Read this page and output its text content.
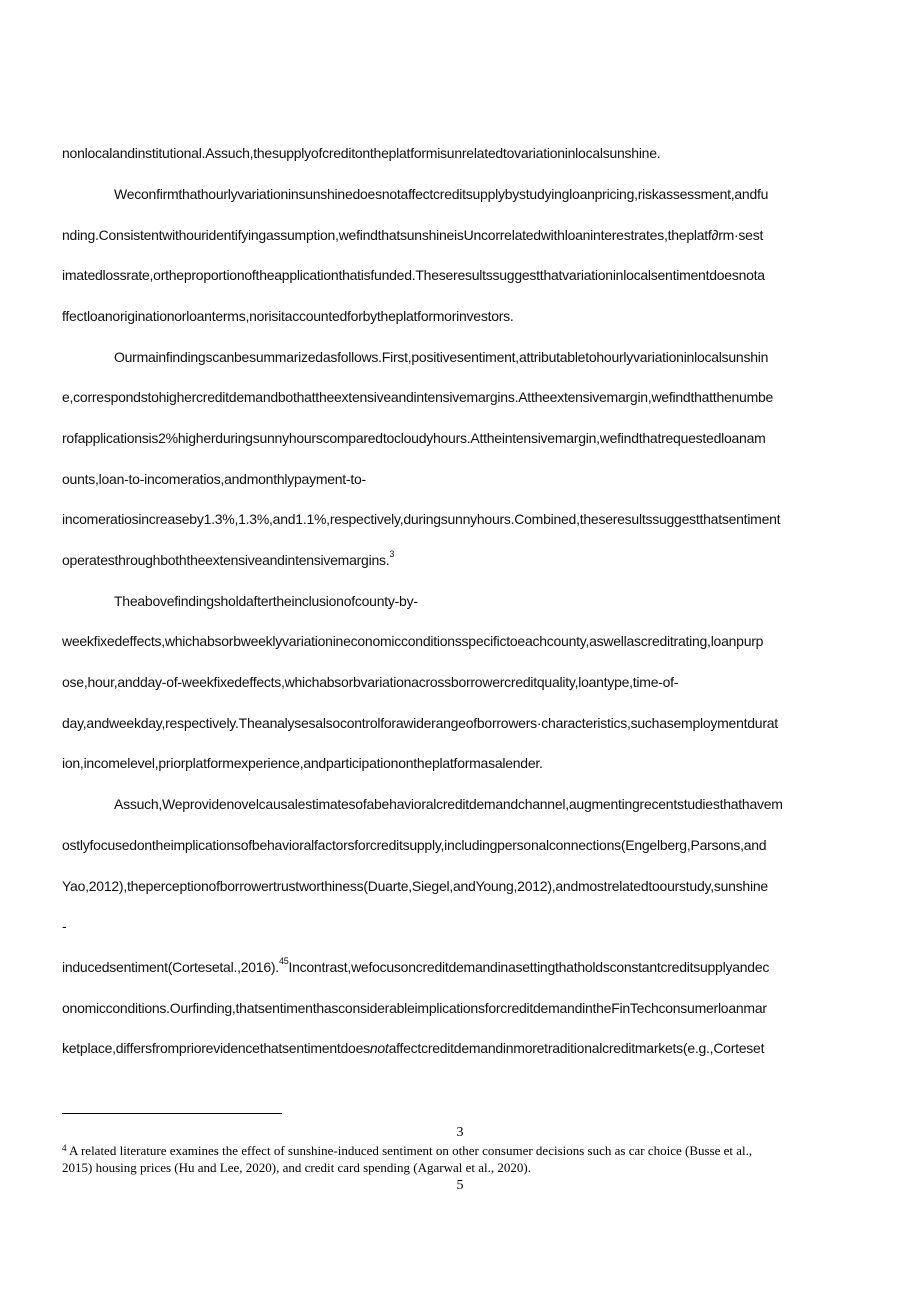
nonlocalandinstitutional.Assuch,thesupplyofcreditontheplatformisunrelatedtovariationinlocalsunshine.
Weconfirmthathourlyvariationinsunshinedoesnotaffectcreditsupplybystudyingloanpricing,riskassessment,andfu
nding.Consistentwithouridentifyingassumption,wefindthatsunshineisUncorrelatedwithloaninterestrates,theplatf∂rm·sest
imatedlossrate,ortheproportionoftheapplicationthatisfunded.Theseresultssuggestthatvariationinlocalsentimentdoesnota
ffectloanoriginationorloanterms,norisitaccountedforbytheplatformorinvestors.
Ourmainfindingscanbesummarizedasfollows.First,positivesentiment,attributabletohourlyvariationinlocalsunshin
e,correspondstohighercreditdemandbothattheextensiveandintensivemargins.Attheextensivemargin,wefindthatthenumbe
rofapplicationsis2%higherduringsunnyhourscomparedtocloudyhours.Attheintensivemargin,wefindthatrequestedloanam
ounts,loan-to-incomeratios,andmonthlypayment-to-
incomeratiosincreaseby1.3%,1.3%,and1.1%,respectively,duringsunnyhours.Combined,theseresultssuggestthatsentiment
operatesthroughboththeextensiveandintensivemargins.$^3$
Theabovefindingsholdaftertheinclusionofcounty-by-
weekfixedeffects,whichabsorbweeklyvariationineconomicconditionsspecifictoeachcounty,aswellascreditrating,loanpurp
ose,hour,andday-of-weekfixedeffects,whichabsorbvariationacrossborrowercreditquality,loantype,time-of-
day,andweekday,respectively.Theanalysesalsocontrolforawiderangeofborrowers·characteristics,suchasemploymentdurat
ion,incomelevel,priorplatformexperience,andparticipationontheplatformasalender.
Assuch,Weprovidenovelcausalestimatesofabehavioralcreditdemandchannel,augmentingrecentstudiesthathavem
ostlyfocusedontheimplicationsofbehavioralfactorsforcreditsupply,includingpersonalconnections(Engelberg,Parsons,and
Yao,2012),theperceptionofborrowertrustworthiness(Duarte,Siegel,andYoung,2012),andmostrelatedtoourstudy,sunshine
-
inducedsentiment(Cortesetal.,2016).$^{45}$Incontrast,wefocusoncreditdemandinasettingthatholdsconstantcreditsupplyandec
onomicconditions.Ourfinding,thatsentimenthasconsiderableimplicationsforcreditdemandintheFinTechconsumerloanmar
ketplace,differsfrompriorevidencethatsentimentdoesnotaffectcreditdemandinmoretraditionalcreditmarkets(e.g.,Corteset
3
$^4$ A related literature examines the effect of sunshine-induced sentiment on other consumer decisions such as car choice (Busse et al.,
2015) housing prices (Hu and Lee, 2020), and credit card spending (Agarwal et al., 2020).
5
